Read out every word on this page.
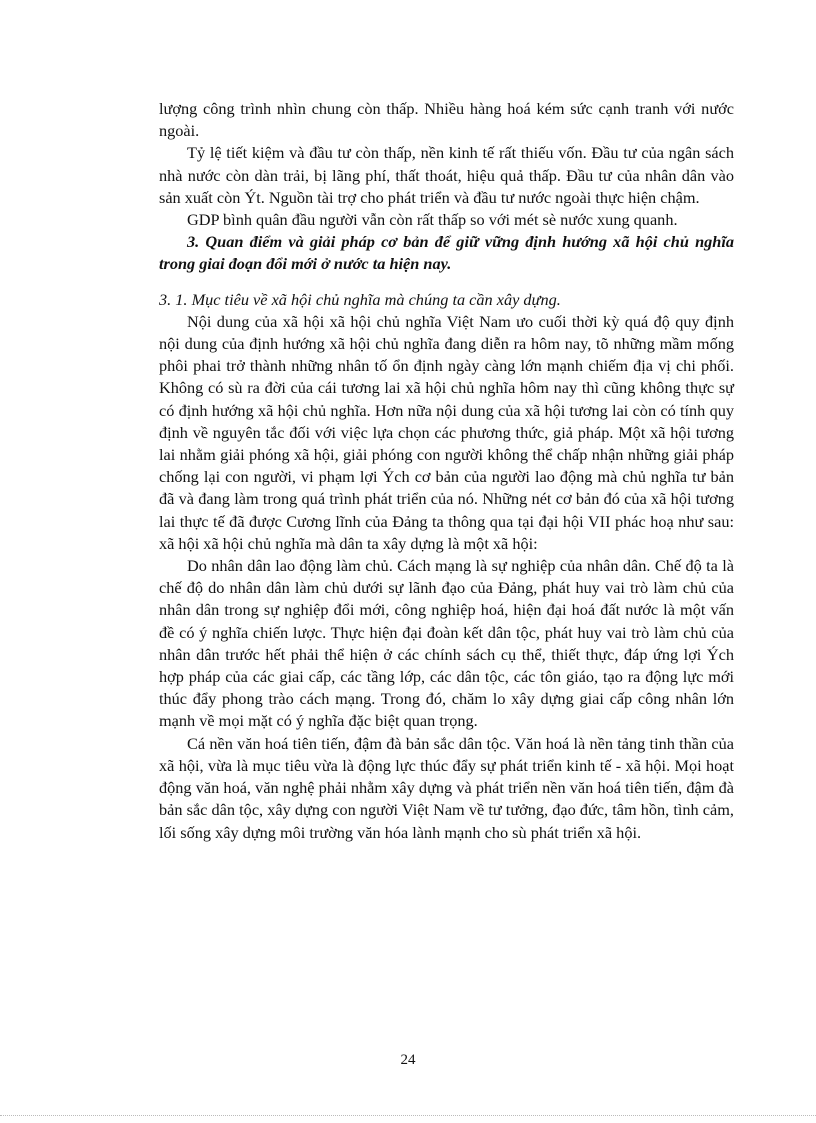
lượng công trình nhìn chung còn thấp. Nhiều hàng hoá kém sức cạnh tranh với nước ngoài.

Tỷ lệ tiết kiệm và đầu tư còn thấp, nền kinh tế rất thiếu vốn. Đầu tư của ngân sách nhà nước còn dàn trải, bị lãng phí, thất thoát, hiệu quả thấp. Đầu tư của nhân dân vào sản xuất còn Ýt. Nguồn tài trợ cho phát triển và đầu tư nước ngoài thực hiện chậm.

GDP bình quân đầu người vẫn còn rất thấp so với mét sè nước xung quanh.

3. Quan điểm và giải pháp cơ bản để giữ vững định hướng xã hội chủ nghĩa trong giai đoạn đổi mới ở nước ta hiện nay.

3. 1. Mục tiêu về xã hội chủ nghĩa mà chúng ta cần xây dựng.

Nội dung của xã hội xã hội chủ nghĩa Việt Nam ưo cuối thời kỳ quá độ quy định nội dung của định hướng xã hội chủ nghĩa đang diễn ra hôm nay, tõ những mầm mống phôi phai trở thành những nhân tố ổn định ngày càng lớn mạnh chiếm địa vị chi phối. Không có sù ra đời của cái tương lai xã hội chủ nghĩa hôm nay thì cũng không thực sự có định hướng xã hội chủ nghĩa. Hơn nữa nội dung của xã hội tương lai còn có tính quy định về nguyên tắc đối với việc lựa chọn các phương thức, giả pháp. Một xã hội tương lai nhằm giải phóng xã hội, giải phóng con người không thể chấp nhận những giải pháp chống lại con người, vi phạm lợi Ých cơ bản của người lao động mà chủ nghĩa tư bản đã và đang làm trong quá trình phát triển của nó. Những nét cơ bản đó của xã hội tương lai thực tế đã được Cương lĩnh của Đảng ta thông qua tại đại hội VII phác hoạ như sau: xã hội xã hội chủ nghĩa mà dân ta xây dựng là một xã hội:

Do nhân dân lao động làm chủ. Cách mạng là sự nghiệp của nhân dân. Chế độ ta là chế độ do nhân dân làm chủ dưới sự lãnh đạo của Đảng, phát huy vai trò làm chủ của nhân dân trong sự nghiệp đổi mới, công nghiệp hoá, hiện đại hoá đất nước là một vấn đề có ý nghĩa chiến lược. Thực hiện đại đoàn kết dân tộc, phát huy vai trò làm chủ của nhân dân trước hết phải thể hiện ở các chính sách cụ thể, thiết thực, đáp ứng lợi Ých hợp pháp của các giai cấp, các tầng lớp, các dân tộc, các tôn giáo, tạo ra động lực mới thúc đẩy phong trào cách mạng. Trong đó, chăm lo xây dựng giai cấp công nhân lớn mạnh về mọi mặt có ý nghĩa đặc biệt quan trọng.

Cá nền văn hoá tiên tiến, đậm đà bản sắc dân tộc. Văn hoá là nền tảng tinh thần của xã hội, vừa là mục tiêu vừa là động lực thúc đẩy sự phát triển kinh tế - xã hội. Mọi hoạt động văn hoá, văn nghệ phải nhằm xây dựng và phát triển nền văn hoá tiên tiến, đậm đà bản sắc dân tộc, xây dựng con người Việt Nam về tư tưởng, đạo đức, tâm hồn, tình cảm, lối sống xây dựng môi trường văn hóa lành mạnh cho sù phát triển xã hội.

24
